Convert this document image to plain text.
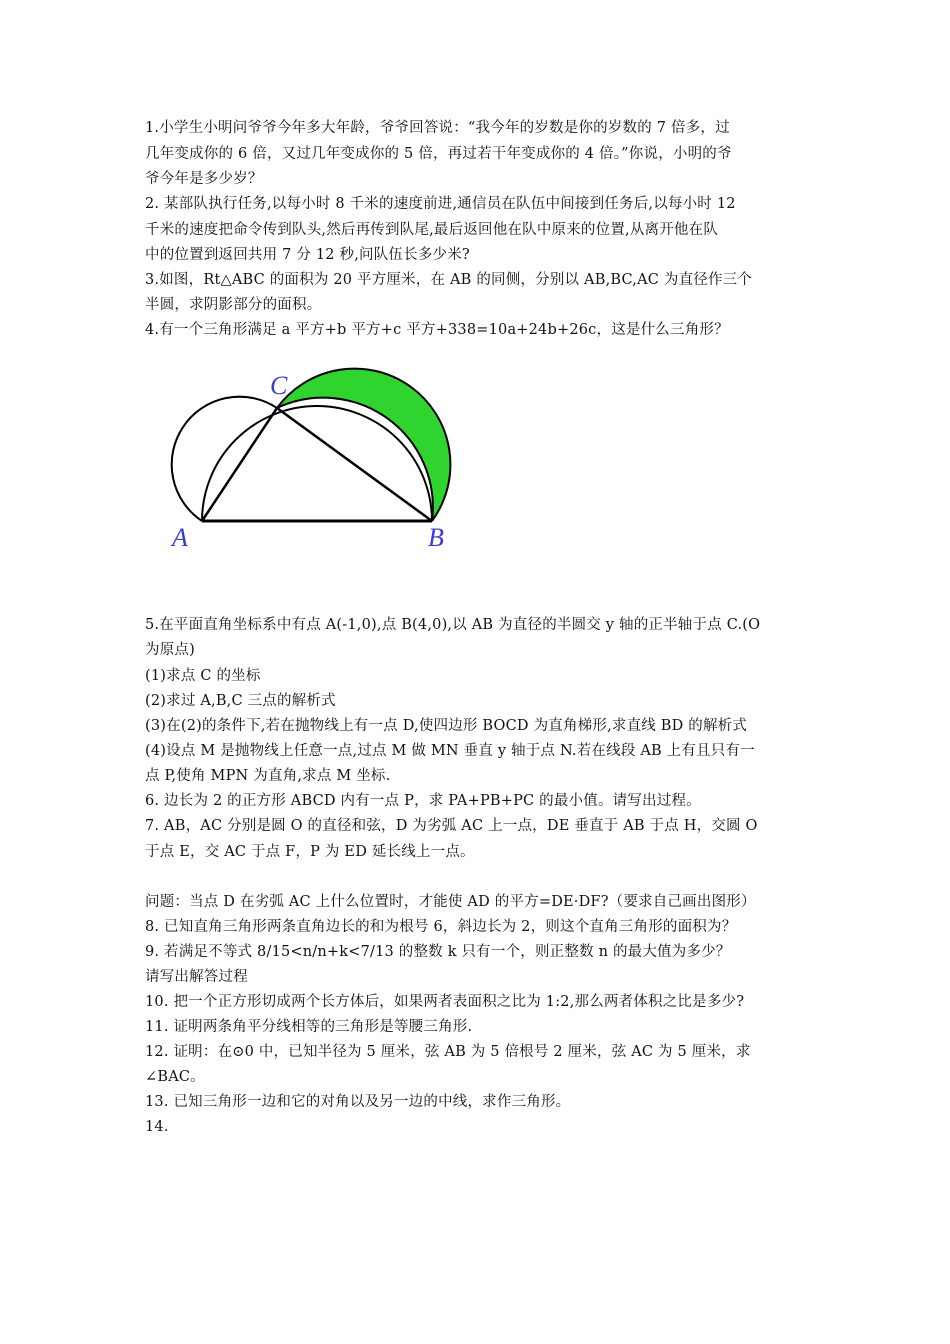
1.小学生小明问爷爷今年多大年龄，爷爷回答说：“我今年的岁数是你的岁数的 7 倍多，过
几年变成你的 6 倍，又过几年变成你的 5 倍，再过若干年变成你的 4 倍。”你说，小明的爷
爷今年是多少岁？
2. 某部队执行任务,以每小时 8 千米的速度前进,通信员在队伍中间接到任务后,以每小时 12
千米的速度把命令传到队头,然后再传到队尾,最后返回他在队中原来的位置,从离开他在队
中的位置到返回共用 7 分 12 秒,问队伍长多少米?
3.如图，Rt△ABC 的面积为 20 平方厘米，在 AB 的同侧，分别以 AB,BC,AC 为直径作三个
半圆，求阴影部分的面积。
4.有一个三角形满足 a 平方+b 平方+c 平方+338=10a+24b+26c，这是什么三角形？
C
A	B
5.在平面直角坐标系中有点 A(-1,0),点 B(4,0),以 AB 为直径的半圆交 y 轴的正半轴于点 C.(O
为原点)
(1)求点 C 的坐标
(2)求过 A,B,C 三点的解析式
(3)在(2)的条件下,若在抛物线上有一点 D,使四边形 BOCD 为直角梯形,求直线 BD 的解析式
(4)设点 M 是抛物线上任意一点,过点 M 做 MN 垂直 y 轴于点 N.若在线段 AB 上有且只有一
点 P,使角 MPN 为直角,求点 M 坐标.
6. 边长为 2 的正方形 ABCD 内有一点 P，求 PA+PB+PC 的最小值。请写出过程。
7. AB，AC 分别是圆 O 的直径和弦，D 为劣弧 AC 上一点，DE 垂直于 AB 于点 H，交圆 O
于点 E，交 AC 于点 F，P 为 ED 延长线上一点。
问题：当点 D 在劣弧 AC 上什么位置时，才能使 AD 的平方=DE·DF?（要求自己画出图形）
8. 已知直角三角形两条直角边长的和为根号 6，斜边长为 2，则这个直角三角形的面积为？
9. 若满足不等式 8/15<n/n+k<7/13 的整数 k 只有一个，则正整数 n 的最大值为多少？
请写出解答过程
10. 把一个正方形切成两个长方体后，如果两者表面积之比为 1:2,那么两者体积之比是多少?
11. 证明两条角平分线相等的三角形是等腰三角形.
12. 证明：在⊙0 中，已知半径为 5 厘米，弦 AB 为 5 倍根号 2 厘米，弦 AC 为 5 厘米，求
∠BAC。
13. 已知三角形一边和它的对角以及另一边的中线，求作三角形。
14.
